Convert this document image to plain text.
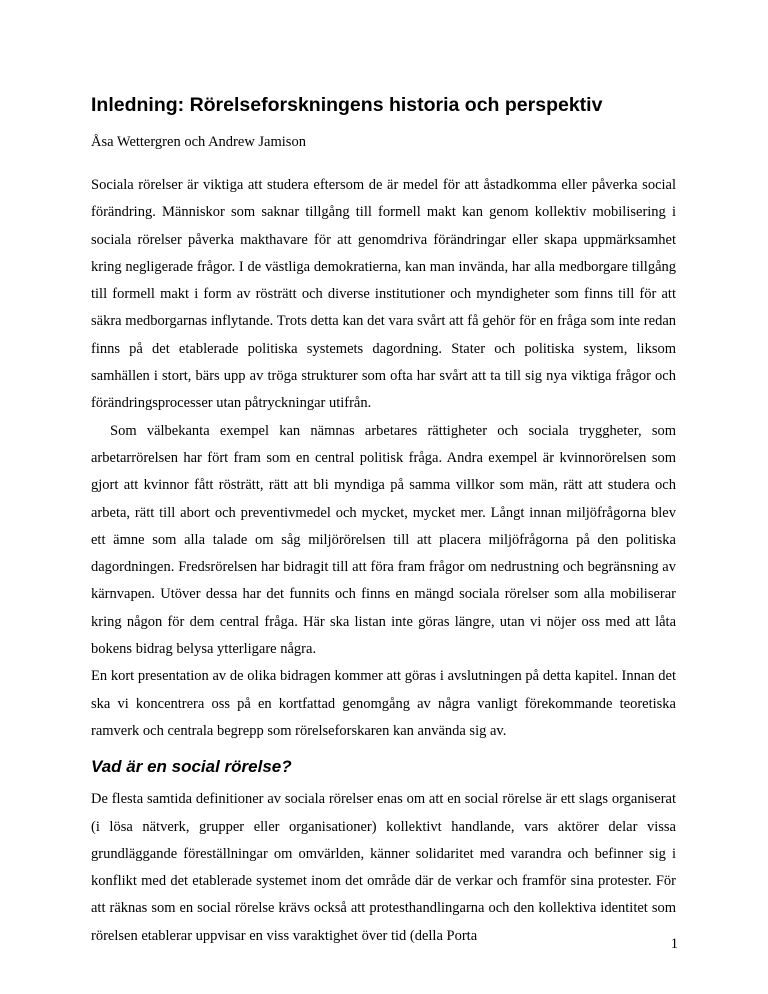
Inledning: Rörelseforskningens historia och perspektiv

Åsa Wettergren och Andrew Jamison

Sociala rörelser är viktiga att studera eftersom de är medel för att åstadkomma eller påverka social förändring. Människor som saknar tillgång till formell makt kan genom kollektiv mobilisering i sociala rörelser påverka makthavare för att genomdriva förändringar eller skapa uppmärksamhet kring negligerade frågor. I de västliga demokratierna, kan man invända, har alla medborgare tillgång till formell makt i form av rösträtt och diverse institutioner och myndigheter som finns till för att säkra medborgarnas inflytande. Trots detta kan det vara svårt att få gehör för en fråga som inte redan finns på det etablerade politiska systemets dagordning. Stater och politiska system, liksom samhällen i stort, bärs upp av tröga strukturer som ofta har svårt att ta till sig nya viktiga frågor och förändringsprocesser utan påtryckningar utifrån.

Som välbekanta exempel kan nämnas arbetares rättigheter och sociala tryggheter, som arbetarrörelsen har fört fram som en central politisk fråga. Andra exempel är kvinnorörelsen som gjort att kvinnor fått rösträtt, rätt att bli myndiga på samma villkor som män, rätt att studera och arbeta, rätt till abort och preventivmedel och mycket, mycket mer. Långt innan miljöfrågorna blev ett ämne som alla talade om såg miljörörelsen till att placera miljöfrågorna på den politiska dagordningen. Fredsrörelsen har bidragit till att föra fram frågor om nedrustning och begränsning av kärnvapen. Utöver dessa har det funnits och finns en mängd sociala rörelser som alla mobiliserar kring någon för dem central fråga. Här ska listan inte göras längre, utan vi nöjer oss med att låta bokens bidrag belysa ytterligare några.

En kort presentation av de olika bidragen kommer att göras i avslutningen på detta kapitel. Innan det ska vi koncentrera oss på en kortfattad genomgång av några vanligt förekommande teoretiska ramverk och centrala begrepp som rörelseforskaren kan använda sig av.

Vad är en social rörelse?

De flesta samtida definitioner av sociala rörelser enas om att en social rörelse är ett slags organiserat (i lösa nätverk, grupper eller organisationer) kollektivt handlande, vars aktörer delar vissa grundläggande föreställningar om omvärlden, känner solidaritet med varandra och befinner sig i konflikt med det etablerade systemet inom det område där de verkar och framför sina protester. För att räknas som en social rörelse krävs också att protesthandlingarna och den kollektiva identitet som rörelsen etablerar uppvisar en viss varaktighet över tid (della Porta

1
